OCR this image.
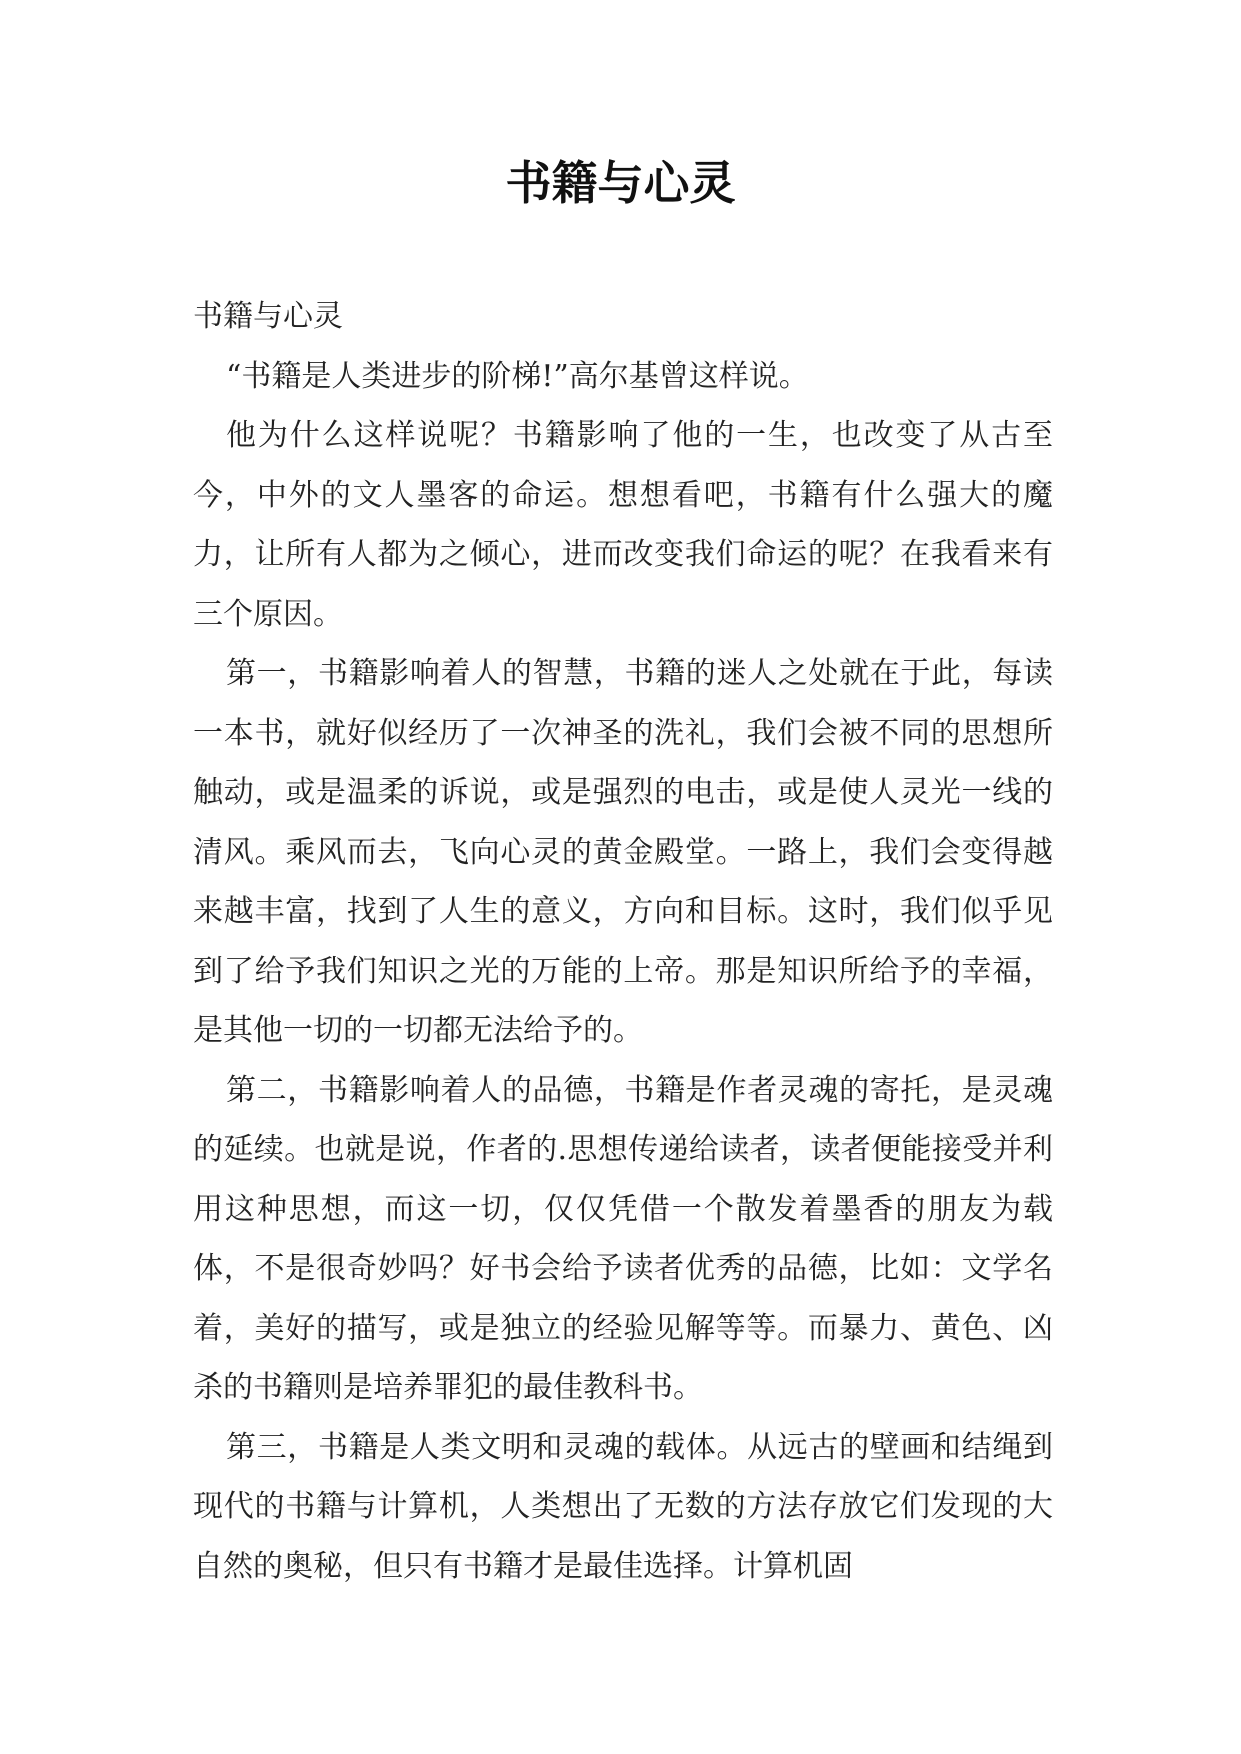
书籍与心灵

书籍与心灵

“书籍是人类进步的阶梯!”高尔基曾这样说。

他为什么这样说呢？书籍影响了他的一生，也改变了从古至今，中外的文人墨客的命运。想想看吧，书籍有什么强大的魔力，让所有人都为之倾心，进而改变我们命运的呢？在我看来有三个原因。

第一，书籍影响着人的智慧，书籍的迷人之处就在于此，每读一本书，就好似经历了一次神圣的洗礼，我们会被不同的思想所触动，或是温柔的诉说，或是强烈的电击，或是使人灵光一线的清风。乘风而去，飞向心灵的黄金殿堂。一路上，我们会变得越来越丰富，找到了人生的意义，方向和目标。这时，我们似乎见到了给予我们知识之光的万能的上帝。那是知识所给予的幸福，是其他一切的一切都无法给予的。

第二，书籍影响着人的品德，书籍是作者灵魂的寄托，是灵魂的延续。也就是说，作者的.思想传递给读者，读者便能接受并利用这种思想，而这一切，仅仅凭借一个散发着墨香的朋友为载体，不是很奇妙吗？好书会给予读者优秀的品德，比如：文学名着，美好的描写，或是独立的经验见解等等。而暴力、黄色、凶杀的书籍则是培养罪犯的最佳教科书。

第三，书籍是人类文明和灵魂的载体。从远古的壁画和结绳到现代的书籍与计算机，人类想出了无数的方法存放它们发现的大自然的奥秘，但只有书籍才是最佳选择。计算机固
